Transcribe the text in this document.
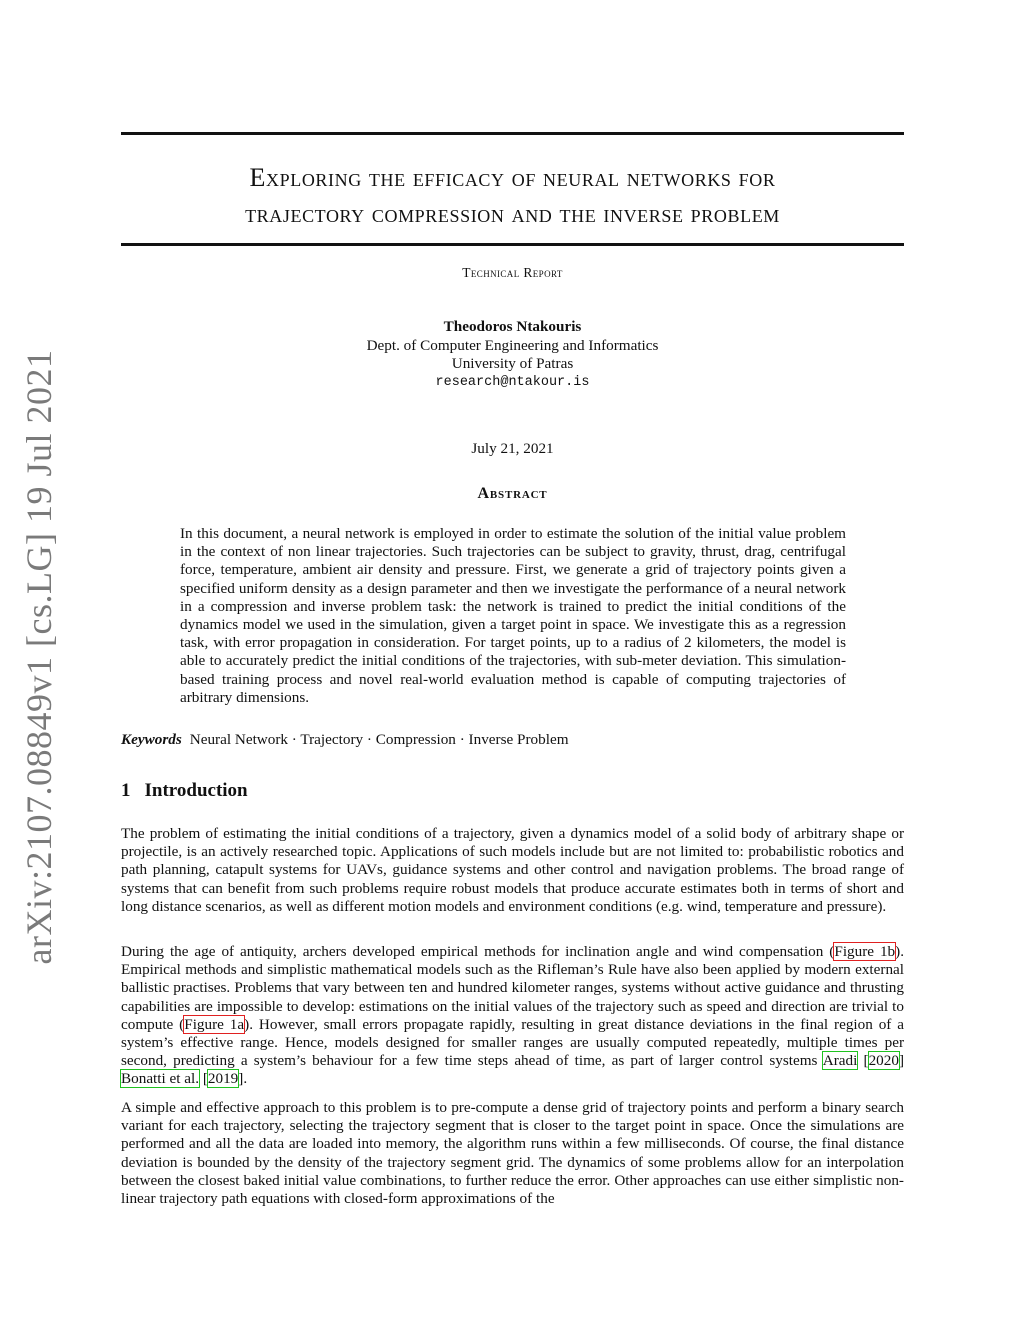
arXiv:2107.08849v1 [cs.LG] 19 Jul 2021
Exploring the efficacy of neural networks for
trajectory compression and the inverse problem
Technical Report
Theodoros Ntakouris
Dept. of Computer Engineering and Informatics
University of Patras
research@ntakour.is
July 21, 2021
Abstract

In this document, a neural network is employed in order to estimate the solution of the initial value problem in the context of non linear trajectories. Such trajectories can be subject to gravity, thrust, drag, centrifugal force, temperature, ambient air density and pressure. First, we generate a grid of trajectory points given a specified uniform density as a design parameter and then we investigate the performance of a neural network in a compression and inverse problem task: the network is trained to predict the initial conditions of the dynamics model we used in the simulation, given a target point in space. We investigate this as a regression task, with error propagation in consideration. For target points, up to a radius of 2 kilometers, the model is able to accurately predict the initial conditions of the trajectories, with sub-meter deviation. This simulation-based training process and novel real-world evaluation method is capable of computing trajectories of arbitrary dimensions.

Keywords Neural Network · Trajectory · Compression · Inverse Problem
1 Introduction

The problem of estimating the initial conditions of a trajectory, given a dynamics model of a solid body of arbitrary shape or projectile, is an actively researched topic. Applications of such models include but are not limited to: probabilistic robotics and path planning, catapult systems for UAVs, guidance systems and other control and navigation problems. The broad range of systems that can benefit from such problems require robust models that produce accurate estimates both in terms of short and long distance scenarios, as well as different motion models and environment conditions (e.g. wind, temperature and pressure).

During the age of antiquity, archers developed empirical methods for inclination angle and wind compensation (Figure 1b). Empirical methods and simplistic mathematical models such as the Rifleman’s Rule have also been applied by modern external ballistic practises. Problems that vary between ten and hundred kilometer ranges, systems without active guidance and thrusting capabilities are impossible to develop: estimations on the initial values of the trajectory such as speed and direction are trivial to compute (Figure 1a). However, small errors propagate rapidly, resulting in great distance deviations in the final region of a system’s effective range. Hence, models designed for smaller ranges are usually computed repeatedly, multiple times per second, predicting a system’s behaviour for a few time steps ahead of time, as part of larger control systems Aradi [2020] Bonatti et al. [2019].

A simple and effective approach to this problem is to pre-compute a dense grid of trajectory points and perform a binary search variant for each trajectory, selecting the trajectory segment that is closer to the target point in space. Once the simulations are performed and all the data are loaded into memory, the algorithm runs within a few milliseconds. Of course, the final distance deviation is bounded by the density of the trajectory segment grid. The dynamics of some problems allow for an interpolation between the closest baked initial value combinations, to further reduce the error. Other approaches can use either simplistic non-linear trajectory path equations with closed-form approximations of the
